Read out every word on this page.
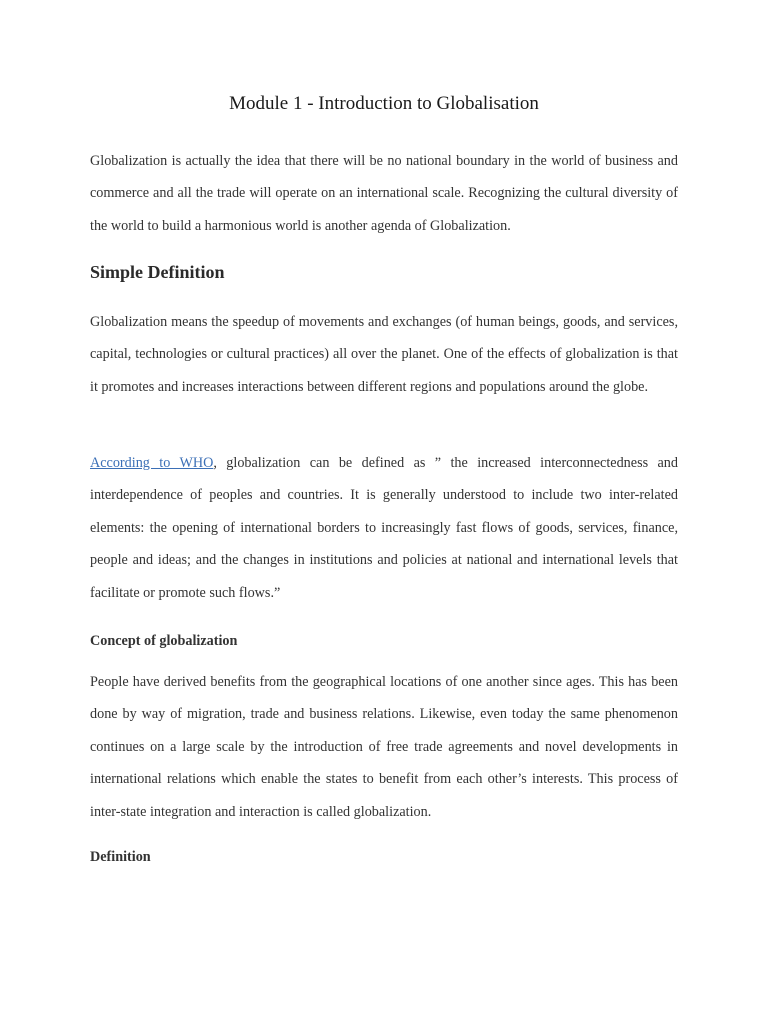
Module 1 - Introduction to Globalisation

Globalization is actually the idea that there will be no national boundary in the world of business and commerce and all the trade will operate on an international scale. Recognizing the cultural diversity of the world to build a harmonious world is another agenda of Globalization.

Simple Definition

Globalization means the speedup of movements and exchanges (of human beings, goods, and services, capital, technologies or cultural practices) all over the planet. One of the effects of globalization is that it promotes and increases interactions between different regions and populations around the globe.

According to WHO, globalization can be defined as ” the increased interconnectedness and interdependence of peoples and countries. It is generally understood to include two inter-related elements: the opening of international borders to increasingly fast flows of goods, services, finance, people and ideas; and the changes in institutions and policies at national and international levels that facilitate or promote such flows.”

Concept of globalization

People have derived benefits from the geographical locations of one another since ages. This has been done by way of migration, trade and business relations. Likewise, even today the same phenomenon continues on a large scale by the introduction of free trade agreements and novel developments in international relations which enable the states to benefit from each other’s interests. This process of inter-state integration and interaction is called globalization.

Definition
